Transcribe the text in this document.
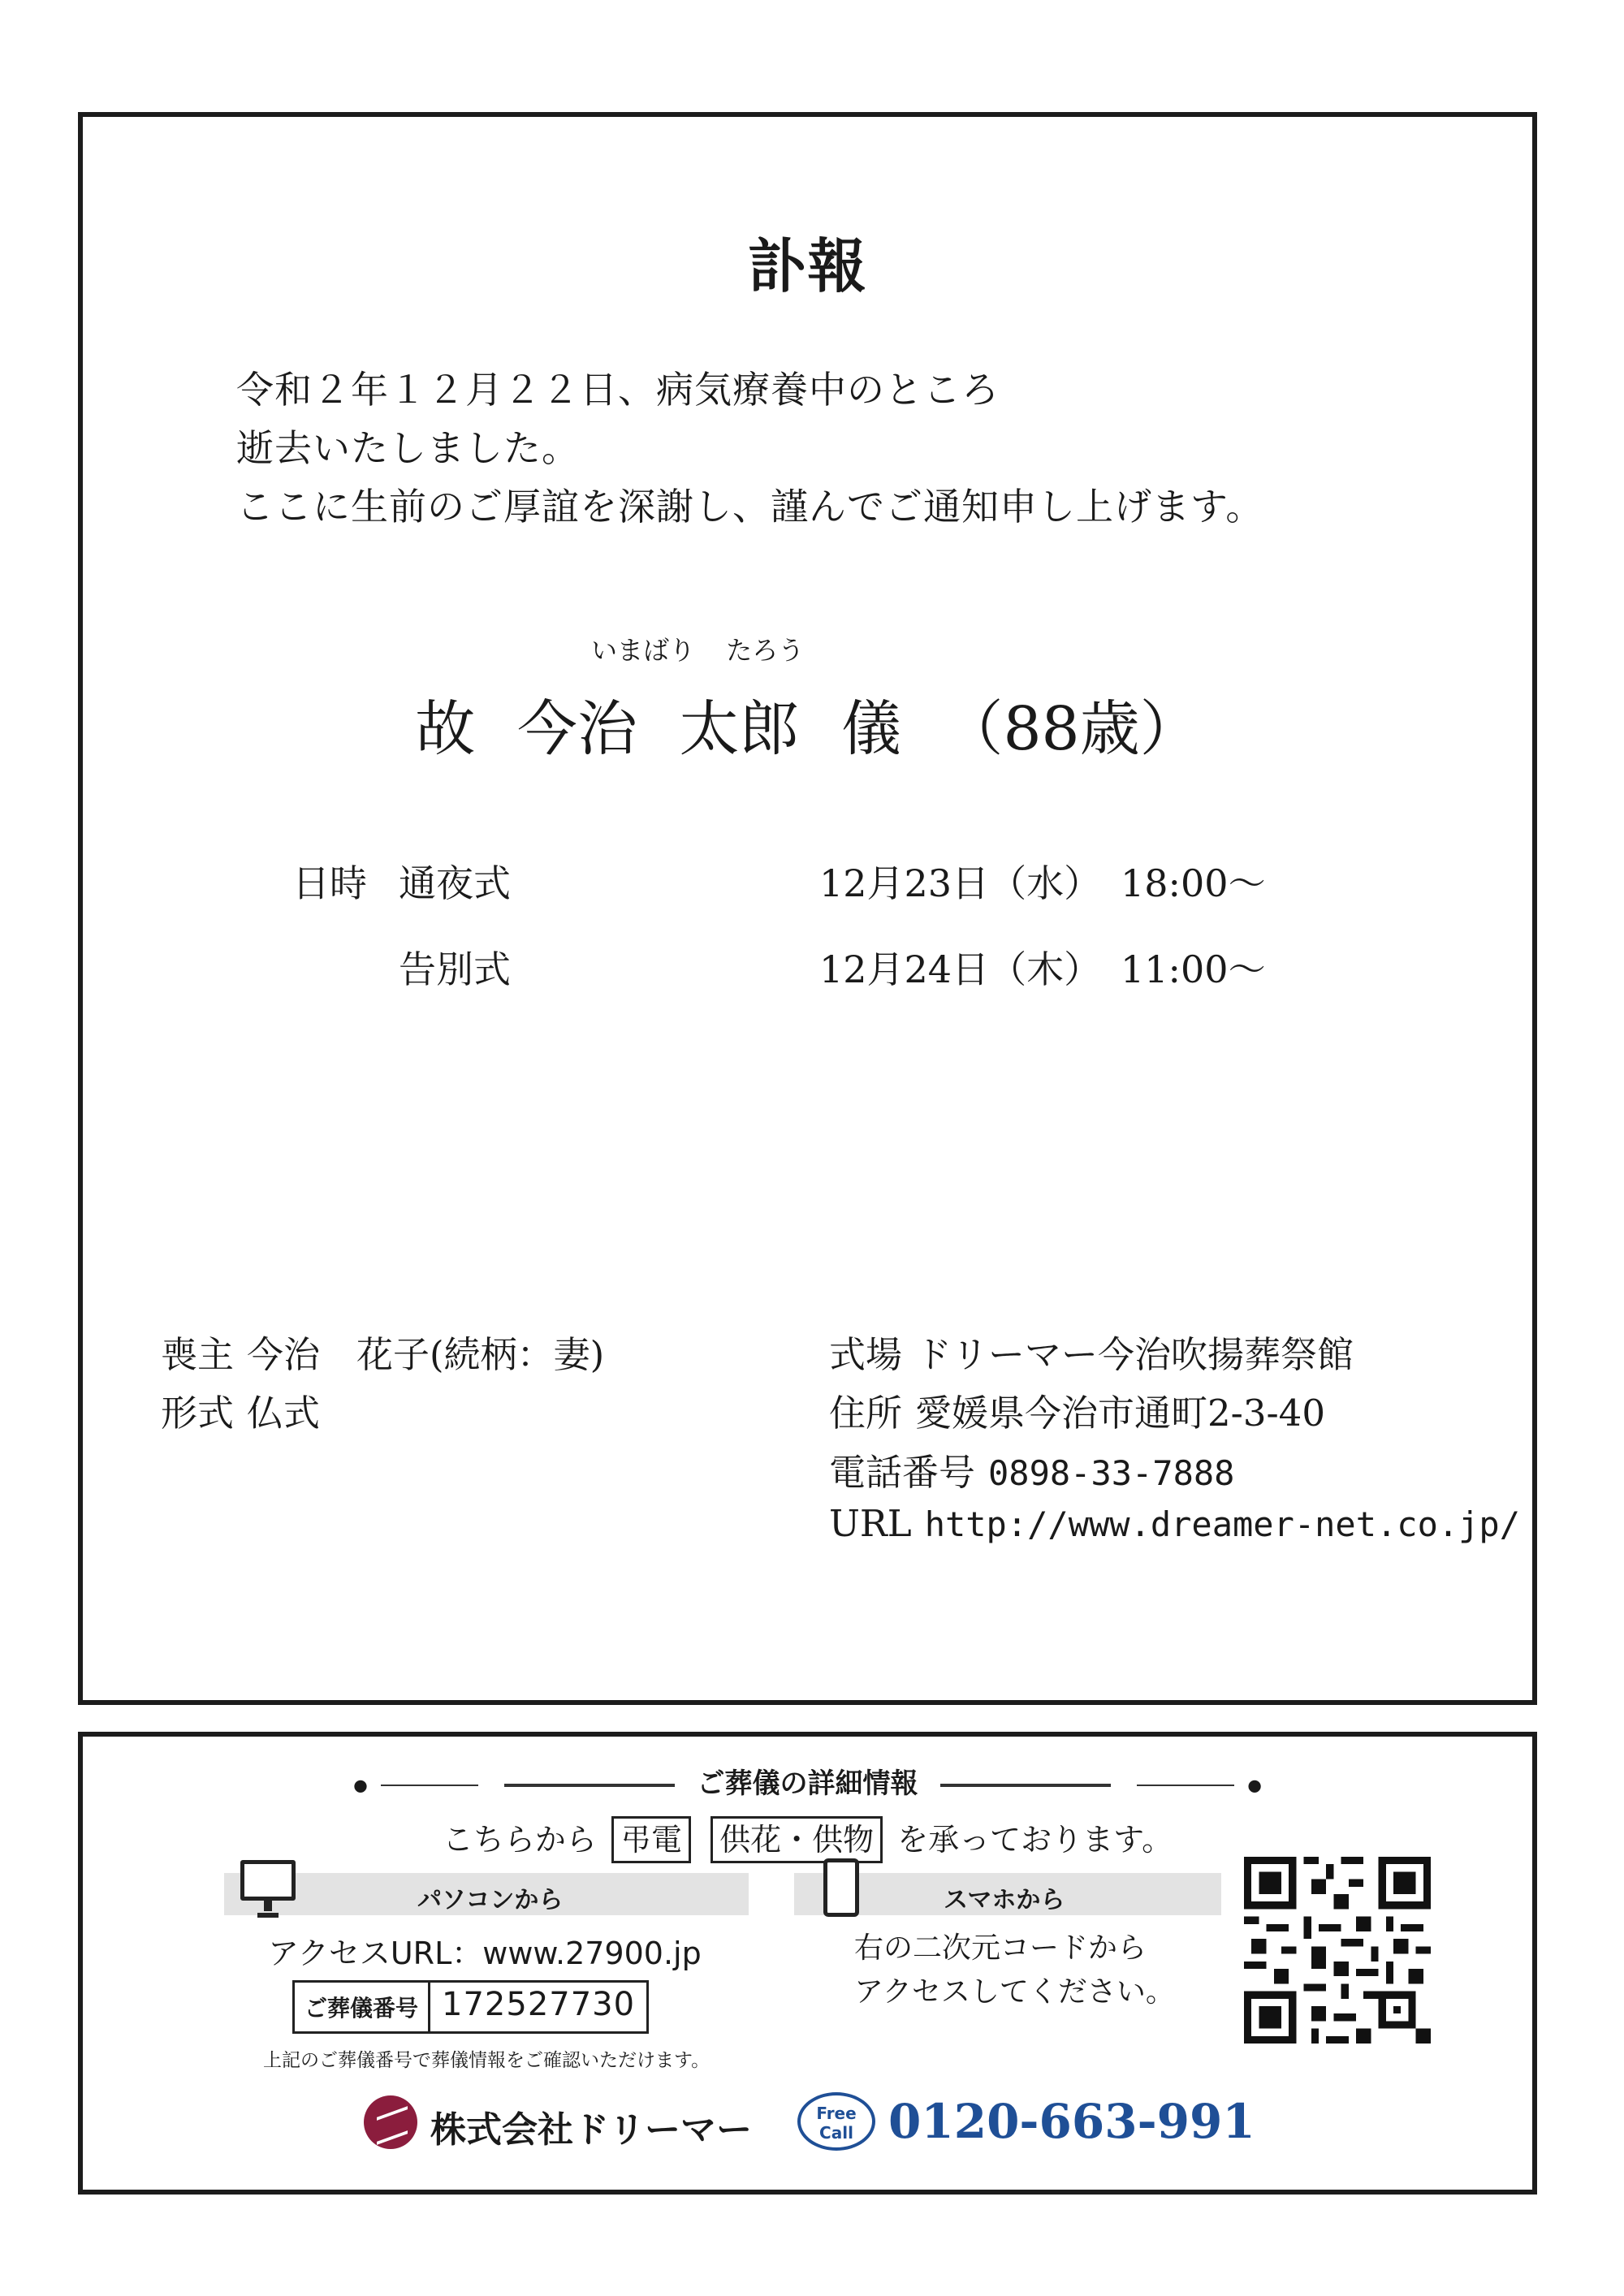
訃報
令和２年１２月２２日、病気療養中のところ
逝去いたしました。
ここに生前のご厚誼を深謝し、謹んでご通知申し上げます。
いまばり たろう
故 今治 太郎 儀 （88歳）
日時 通夜式	12月23日（水） 18:00～
告別式	12月24日（木） 11:00～
喪主 今治　花子(続柄：妻)
形式 仏式
式場 ドリーマー今治吹揚葬祭館
住所 愛媛県今治市通町2-3-40
電話番号 0898-33-7888
URL http://www.dreamer-net.co.jp/
●	ご葬儀の詳細情報	●
こちらから 弔電 供花・供物 を承っております。
パソコンから	スマホから
アクセスURL：www.27900.jp
ご葬儀番号 172527730
上記のご葬儀番号で葬儀情報をご確認いただけます。
右の二次元コードから
アクセスしてください。
株式会社ドリーマー	Free
Call 0120-663-991
